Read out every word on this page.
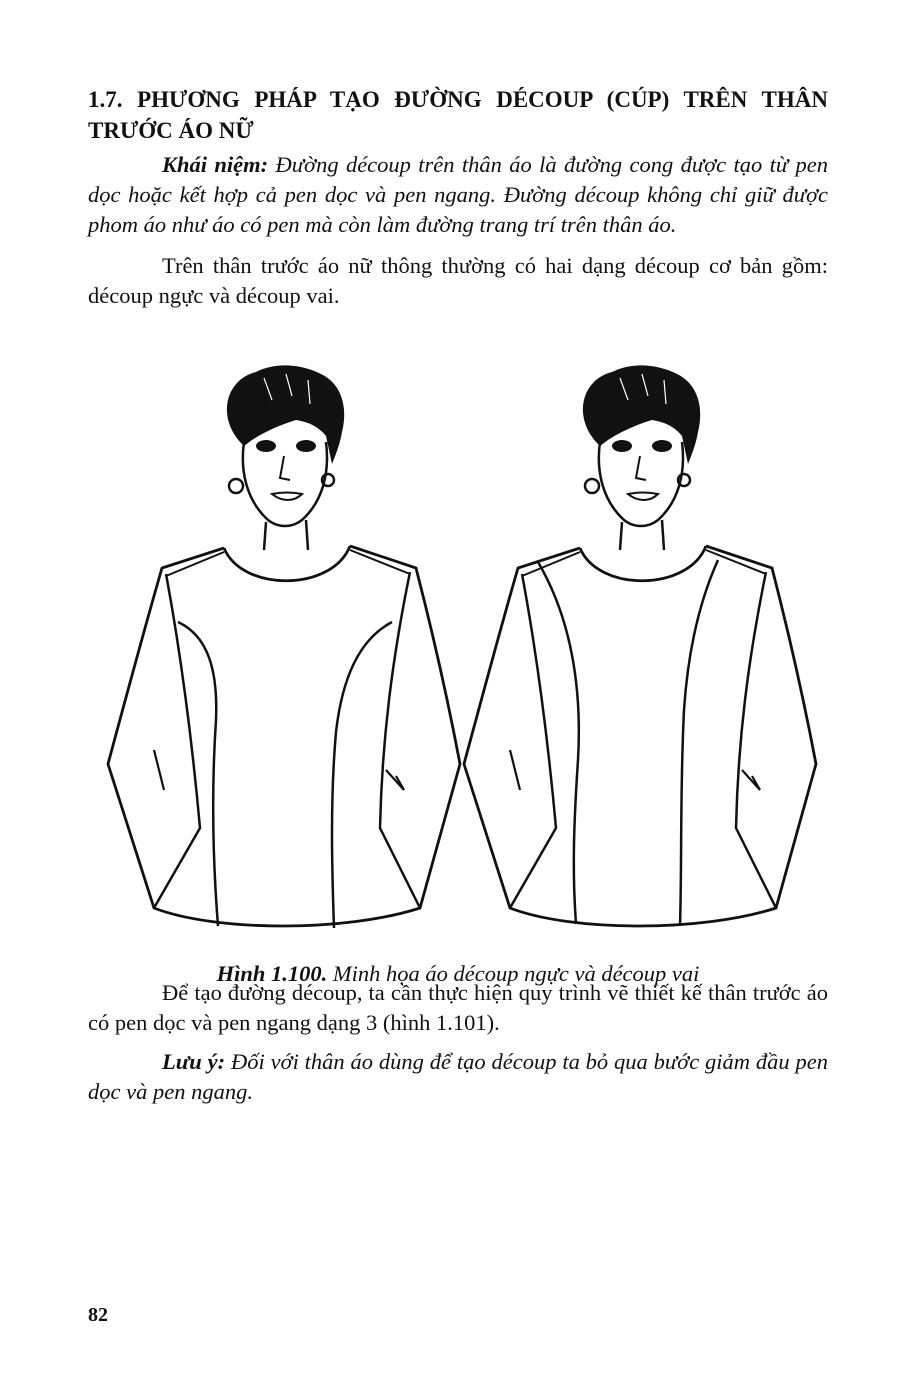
1.7. PHƯƠNG PHÁP TẠO ĐƯỜNG DÉCOUP (CÚP) TRÊN THÂN TRƯỚC ÁO NỮ

Khái niệm: Đường découp trên thân áo là đường cong được tạo từ pen dọc hoặc kết hợp cả pen dọc và pen ngang. Đường découp không chỉ giữ được phom áo như áo có pen mà còn làm đường trang trí trên thân áo.

Trên thân trước áo nữ thông thường có hai dạng découp cơ bản gồm: découp ngực và découp vai.

Hình 1.100. Minh họa áo découp ngực và découp vai

Để tạo đường découp, ta cần thực hiện quy trình vẽ thiết kế thân trước áo có pen dọc và pen ngang dạng 3 (hình 1.101).

Lưu ý: Đối với thân áo dùng để tạo découp ta bỏ qua bước giảm đầu pen dọc và pen ngang.

82
